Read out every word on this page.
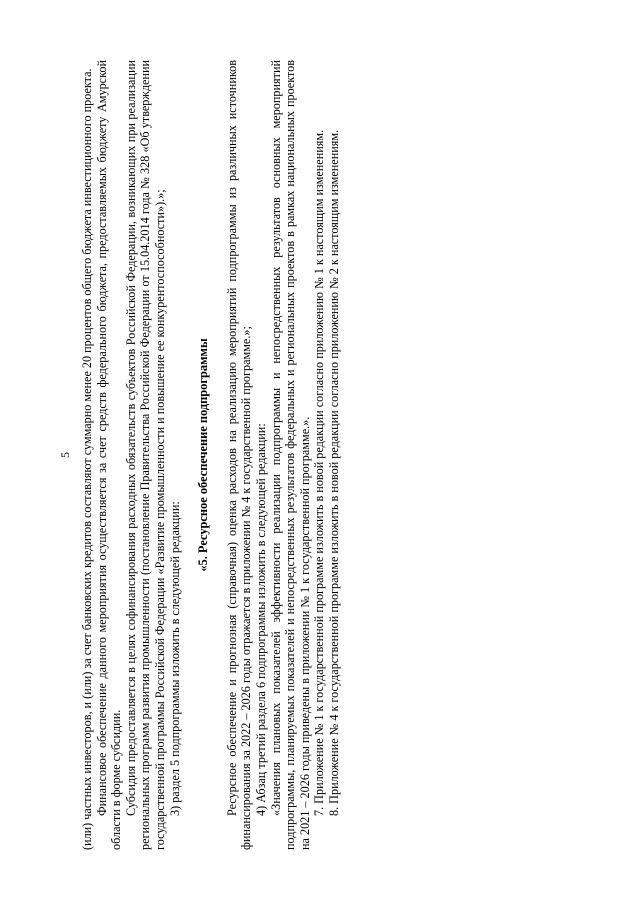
5 (или) частных инвесторов, и (или) за счет банковских кредитов составляют суммарно менее 20 процентов общего бюджета инвестиционного проекта. Финансовое обеспечение данного мероприятия осуществляется за счет средств федерального бюджета, предоставляемых бюджету Амурской области в форме субсидии. Субсидия предоставляется в целях софинансирования расходных обязательств субъектов Российской Федерации, возникающих при реализации региональных программ развития промышленности (постановление Правительства Российской Федерации от 15.04.2014 года № 328 «Об утверждении государственной программы Российской Федерации «Развитие промышленности и повышение ее конкурентоспособности»).»; 3) раздел 5 подпрограммы изложить в следующей редакции:

«5. Ресурсное обеспечение подпрограммы Ресурсное обеспечение и прогнозная (справочная) оценка расходов на реализацию мероприятий подпрограммы из различных источников финансирования за 2022 – 2026 годы отражается в приложении № 4 к государственной программе.»; 4) Абзац третий раздела 6 подпрограммы изложить в следующей редакции: «Значения плановых показателей эффективности реализации подпрограммы и непосредственных результатов основных мероприятий подпрограммы, планируемых показателей и непосредственных результатов федеральных и региональных проектов в рамках национальных проектов на 2021 – 2026 годы приведены в приложении № 1 к государственной программе.». 7. Приложение № 1 к государственной программе изложить в новой редакции согласно приложению № 1 к настоящим изменениям. 8. Приложение № 4 к государственной программе изложить в новой редакции согласно приложению № 2 к настоящим изменениям.
